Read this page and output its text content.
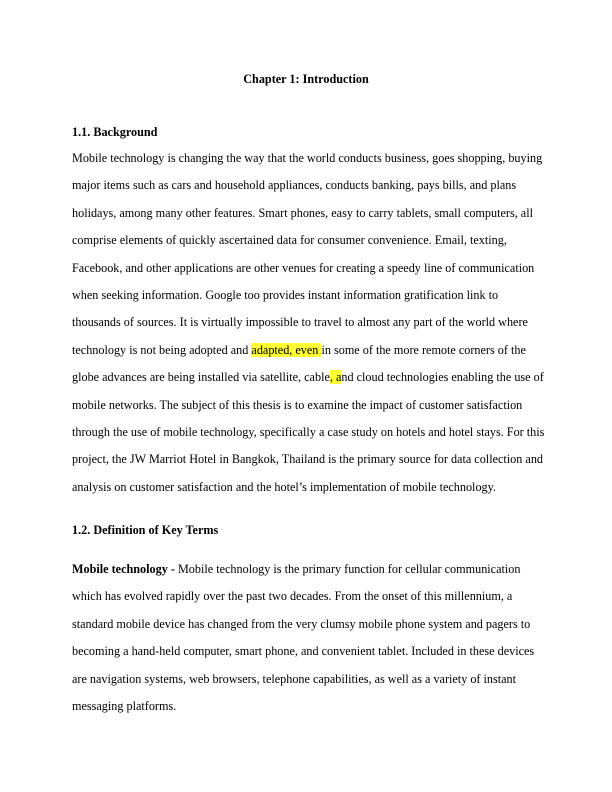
Chapter 1: Introduction
1.1. Background
Mobile technology is changing the way that the world conducts business, goes shopping, buying
major items such as cars and household appliances, conducts banking, pays bills, and plans
holidays, among many other features. Smart phones, easy to carry tablets, small computers, all
comprise elements of quickly ascertained data for consumer convenience. Email, texting,
Facebook, and other applications are other venues for creating a speedy line of communication
when seeking information. Google too provides instant information gratification link to
thousands of sources. It is virtually impossible to travel to almost any part of the world where
technology is not being adopted and adapted, even in some of the more remote corners of the
globe advances are being installed via satellite, cable, and cloud technologies enabling the use of
mobile networks. The subject of this thesis is to examine the impact of customer satisfaction
through the use of mobile technology, specifically a case study on hotels and hotel stays. For this
project, the JW Marriot Hotel in Bangkok, Thailand is the primary source for data collection and
analysis on customer satisfaction and the hotel’s implementation of mobile technology.
1.2. Definition of Key Terms
Mobile technology - Mobile technology is the primary function for cellular communication
which has evolved rapidly over the past two decades. From the onset of this millennium, a
standard mobile device has changed from the very clumsy mobile phone system and pagers to
becoming a hand-held computer, smart phone, and convenient tablet. Included in these devices
are navigation systems, web browsers, telephone capabilities, as well as a variety of instant
messaging platforms.
